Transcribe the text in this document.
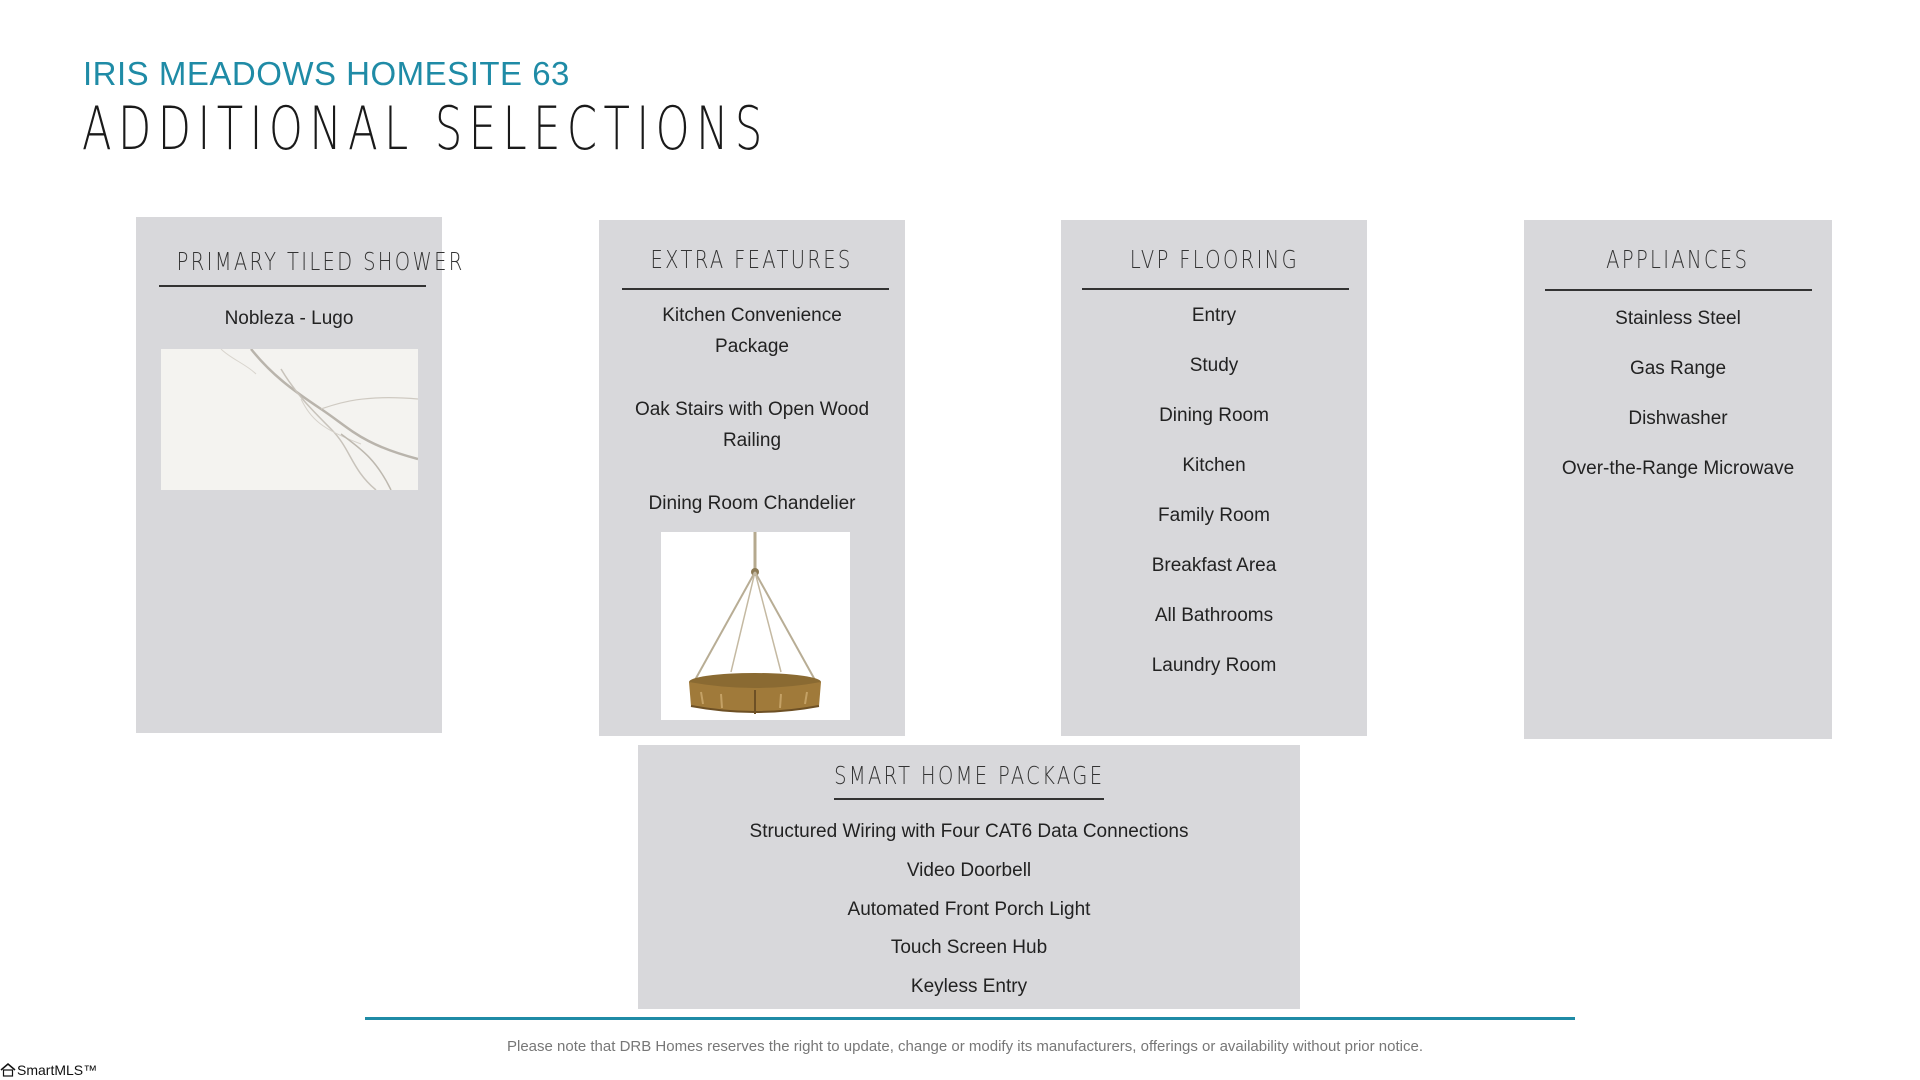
IRIS MEADOWS HOMESITE 63
ADDITIONAL SELECTIONS
PRIMARY TILED SHOWER
Nobleza - Lugo
EXTRA FEATURES
Kitchen Convenience
Package
Oak Stairs with Open Wood
Railing
Dining Room Chandelier
LVP FLOORING
Entry
Study
Dining Room
Kitchen
Family Room
Breakfast Area
All Bathrooms
Laundry Room
APPLIANCES
Stainless Steel
Gas Range
Dishwasher
Over-the-Range Microwave
SMART HOME PACKAGE
Structured Wiring with Four CAT6 Data Connections
Video Doorbell
Automated Front Porch Light
Touch Screen Hub
Keyless Entry
Please note that DRB Homes reserves the right to update, change or modify its manufacturers, offerings or availability without prior notice.
SmartMLS™
